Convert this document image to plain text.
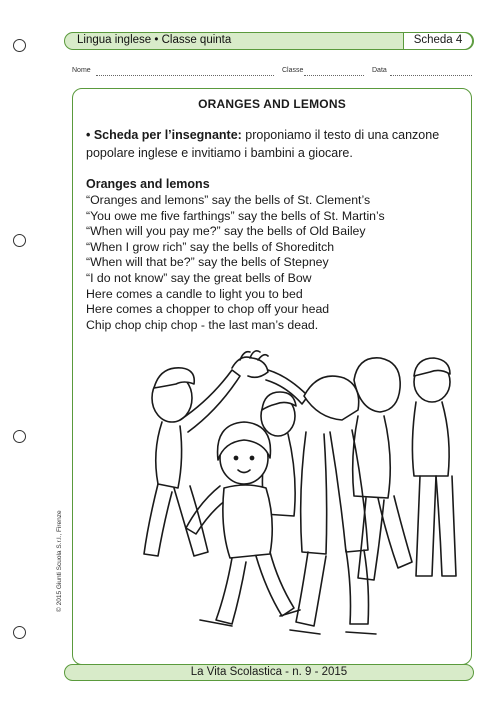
Lingua inglese • Classe quinta	Scheda 4
Nome	Classe	Data
ORANGES AND LEMONS
• Scheda per l’insegnante: proponiamo il testo di una canzone popolare inglese e invitiamo i bambini a giocare.
Oranges and lemons
“Oranges and lemons” say the bells of St. Clement’s
“You owe me five farthings” say the bells of St. Martin’s
“When will you pay me?” say the bells of Old Bailey
“When I grow rich” say the bells of Shoreditch
“When will that be?” say the bells of Stepney
“I do not know” say the great bells of Bow
Here comes a candle to light you to bed
Here comes a chopper to chop off your head
Chip chop chip chop - the last man’s dead.
© 2015 Giunti Scuola S.r.l., Firenze
La Vita Scolastica - n. 9 - 2015
